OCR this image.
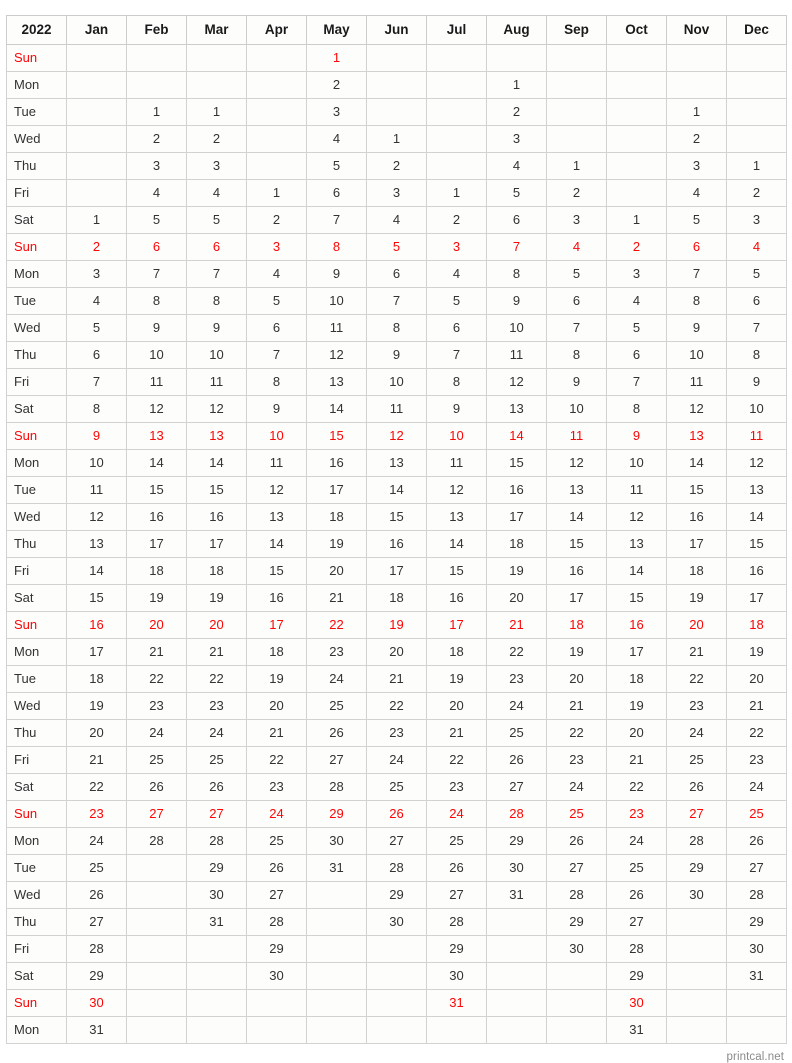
2022	Jan	Feb	Mar	Apr	May	Jun	Jul	Aug	Sep	Oct	Nov	Dec
Sun					1							
Mon					2			1				
Tue		1	1		3			2			1	
Wed		2	2		4	1		3			2	
Thu		3	3		5	2		4	1		3	1
Fri		4	4	1	6	3	1	5	2		4	2
Sat	1	5	5	2	7	4	2	6	3	1	5	3
Sun	2	6	6	3	8	5	3	7	4	2	6	4
Mon	3	7	7	4	9	6	4	8	5	3	7	5
Tue	4	8	8	5	10	7	5	9	6	4	8	6
Wed	5	9	9	6	11	8	6	10	7	5	9	7
Thu	6	10	10	7	12	9	7	11	8	6	10	8
Fri	7	11	11	8	13	10	8	12	9	7	11	9
Sat	8	12	12	9	14	11	9	13	10	8	12	10
Sun	9	13	13	10	15	12	10	14	11	9	13	11
Mon	10	14	14	11	16	13	11	15	12	10	14	12
Tue	11	15	15	12	17	14	12	16	13	11	15	13
Wed	12	16	16	13	18	15	13	17	14	12	16	14
Thu	13	17	17	14	19	16	14	18	15	13	17	15
Fri	14	18	18	15	20	17	15	19	16	14	18	16
Sat	15	19	19	16	21	18	16	20	17	15	19	17
Sun	16	20	20	17	22	19	17	21	18	16	20	18
Mon	17	21	21	18	23	20	18	22	19	17	21	19
Tue	18	22	22	19	24	21	19	23	20	18	22	20
Wed	19	23	23	20	25	22	20	24	21	19	23	21
Thu	20	24	24	21	26	23	21	25	22	20	24	22
Fri	21	25	25	22	27	24	22	26	23	21	25	23
Sat	22	26	26	23	28	25	23	27	24	22	26	24
Sun	23	27	27	24	29	26	24	28	25	23	27	25
Mon	24	28	28	25	30	27	25	29	26	24	28	26
Tue	25		29	26	31	28	26	30	27	25	29	27
Wed	26		30	27		29	27	31	28	26	30	28
Thu	27		31	28		30	28		29	27		29
Fri	28			29			29		30	28		30
Sat	29			30			30			29		31
Sun	30						31			30		
Mon	31									31		
printcal.net
